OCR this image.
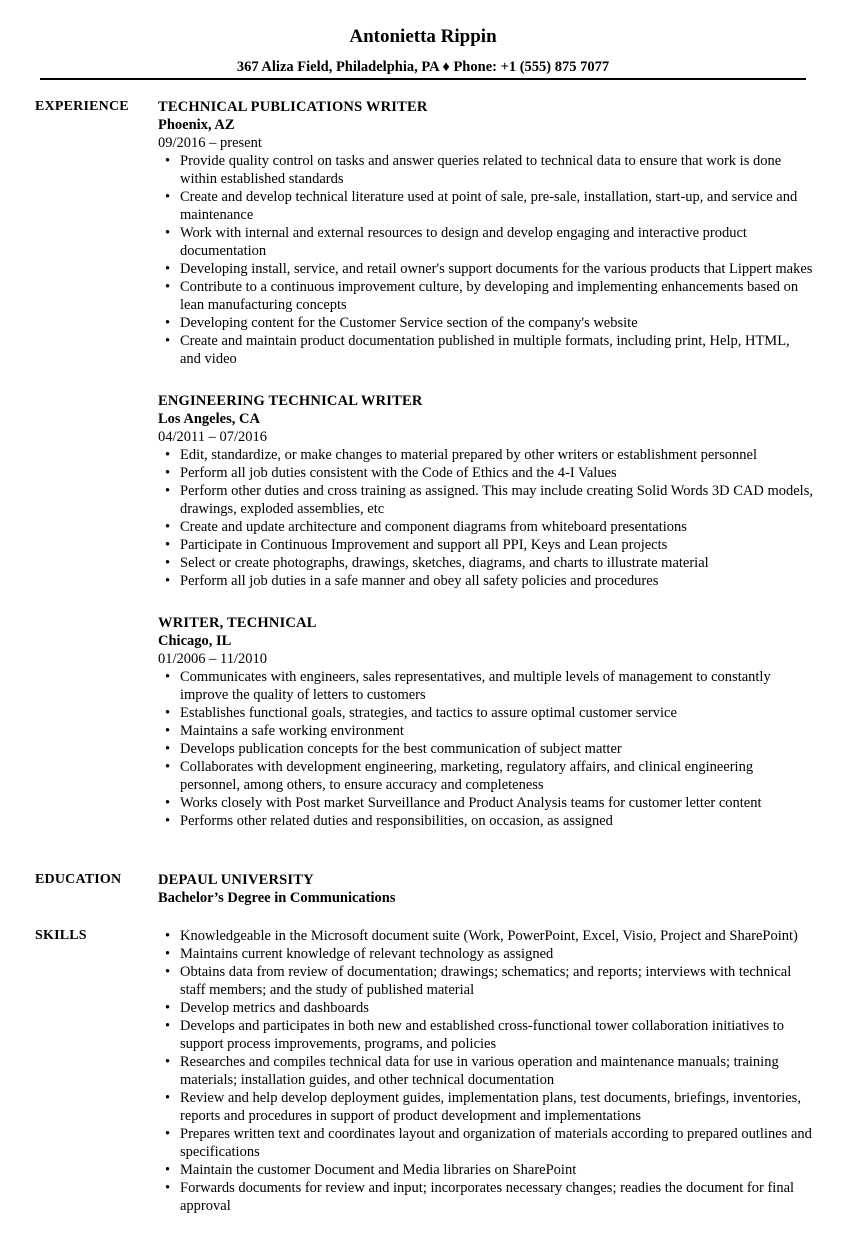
Antonietta Rippin
367 Aliza Field, Philadelphia, PA ♦ Phone: +1 (555) 875 7077
EXPERIENCE TECHNICAL PUBLICATIONS WRITER
Phoenix, AZ
09/2016 – present
• Provide quality control on tasks and answer queries related to technical data to ensure that work is done within established standards
• Create and develop technical literature used at point of sale, pre-sale, installation, start-up, and service and maintenance
• Work with internal and external resources to design and develop engaging and interactive product documentation
• Developing install, service, and retail owner's support documents for the various products that Lippert makes
• Contribute to a continuous improvement culture, by developing and implementing enhancements based on lean manufacturing concepts
• Developing content for the Customer Service section of the company's website
• Create and maintain product documentation published in multiple formats, including print, Help, HTML, and video
ENGINEERING TECHNICAL WRITER
Los Angeles, CA
04/2011 – 07/2016
• Edit, standardize, or make changes to material prepared by other writers or establishment personnel
• Perform all job duties consistent with the Code of Ethics and the 4-I Values
• Perform other duties and cross training as assigned. This may include creating Solid Words 3D CAD models, drawings, exploded assemblies, etc
• Create and update architecture and component diagrams from whiteboard presentations
• Participate in Continuous Improvement and support all PPI, Keys and Lean projects
• Select or create photographs, drawings, sketches, diagrams, and charts to illustrate material
• Perform all job duties in a safe manner and obey all safety policies and procedures
WRITER, TECHNICAL
Chicago, IL
01/2006 – 11/2010
• Communicates with engineers, sales representatives, and multiple levels of management to constantly improve the quality of letters to customers
• Establishes functional goals, strategies, and tactics to assure optimal customer service
• Maintains a safe working environment
• Develops publication concepts for the best communication of subject matter
• Collaborates with development engineering, marketing, regulatory affairs, and clinical engineering personnel, among others, to ensure accuracy and completeness
• Works closely with Post market Surveillance and Product Analysis teams for customer letter content
• Performs other related duties and responsibilities, on occasion, as assigned
EDUCATION	DEPAUL UNIVERSITY
Bachelor’s Degree in Communications
SKILLS
•	Knowledgeable in the Microsoft document suite (Work, PowerPoint, Excel, Visio, Project and SharePoint)
• Maintains current knowledge of relevant technology as assigned
• Obtains data from review of documentation; drawings; schematics; and reports; interviews with technical staff members; and the study of published material
• Develop metrics and dashboards
• Develops and participates in both new and established cross-functional tower collaboration initiatives to support process improvements, programs, and policies
• Researches and compiles technical data for use in various operation and maintenance manuals; training materials; installation guides, and other technical documentation
• Review and help develop deployment guides, implementation plans, test documents, briefings, inventories, reports and procedures in support of product development and implementations
• Prepares written text and coordinates layout and organization of materials according to prepared outlines and specifications
• Maintain the customer Document and Media libraries on SharePoint
• Forwards documents for review and input; incorporates necessary changes; readies the document for final approval
